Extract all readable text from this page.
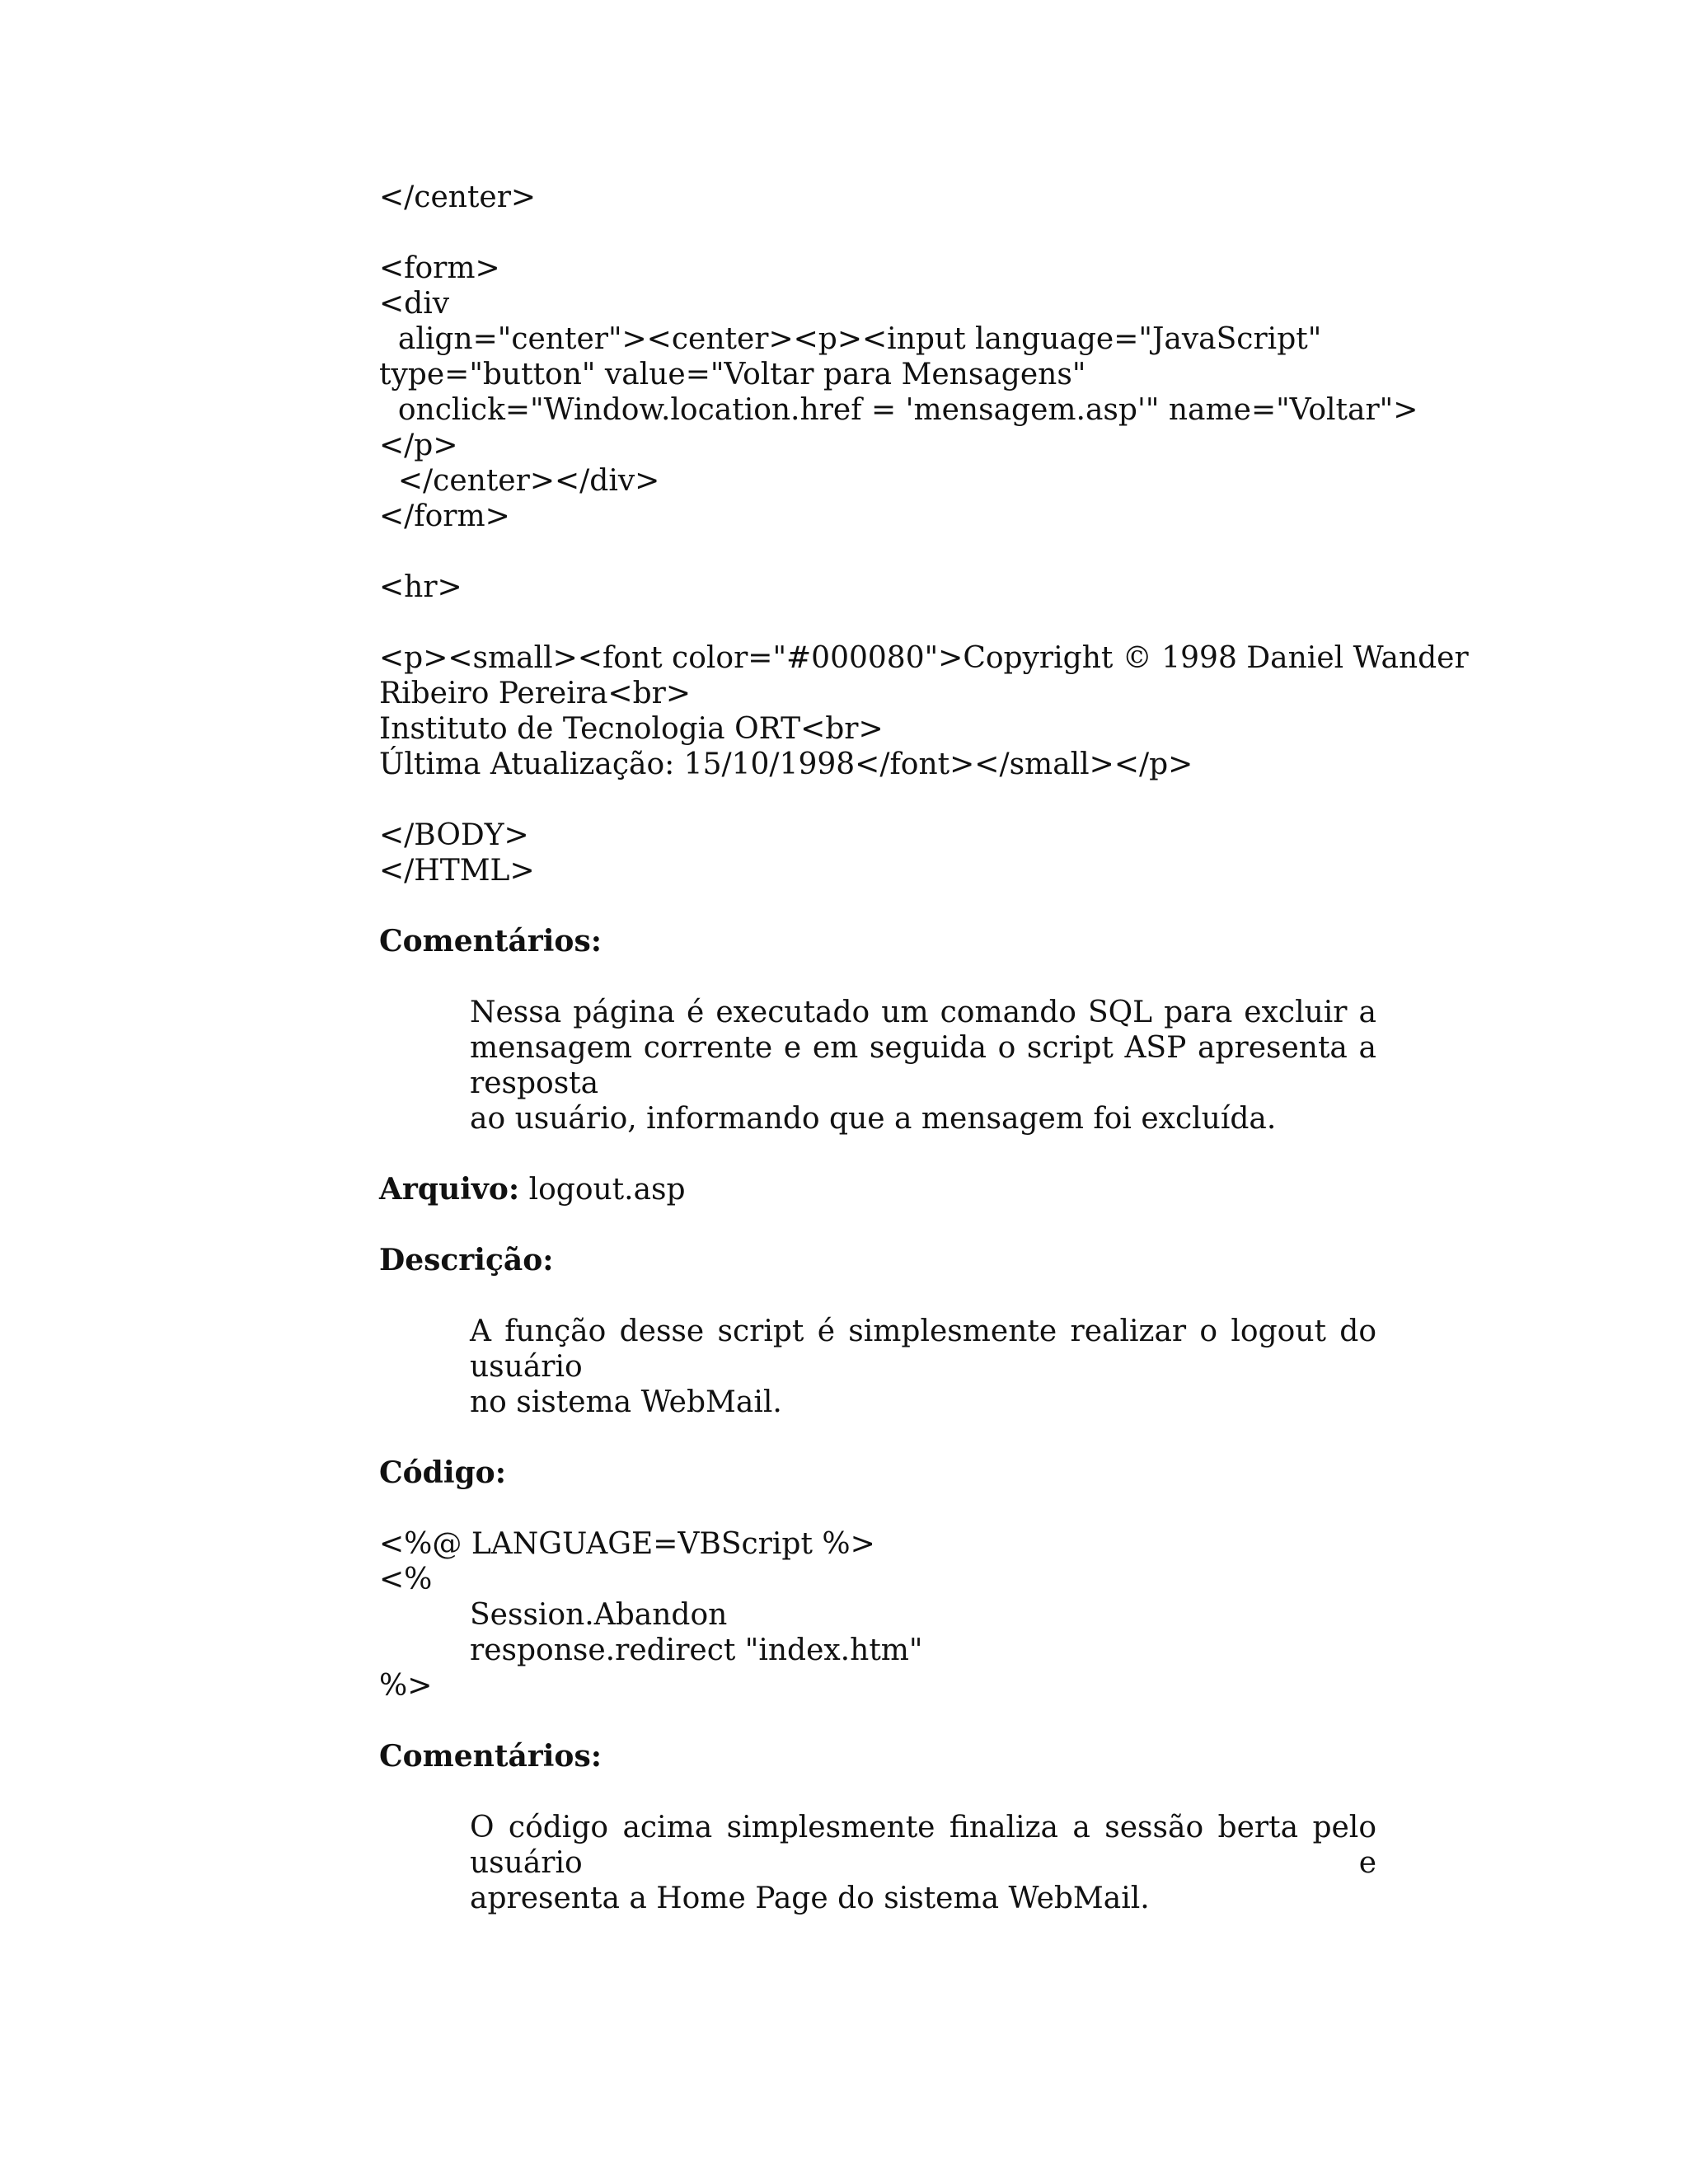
</center>
<form>
<div
align="center"><center><p><input language="JavaScript"
type="button" value="Voltar para Mensagens"
onclick="Window.location.href = 'mensagem.asp'" name="Voltar">
</p>
</center></div>
</form>
<hr>
<p><small><font color="#000080">Copyright © 1998 Daniel Wander
Ribeiro Pereira<br>
Instituto de Tecnologia ORT<br>
Última Atualização: 15/10/1998</font></small></p>
</BODY>
</HTML>
Comentários:
Nessa página é executado um comando SQL para excluir a
mensagem corrente e em seguida o script ASP apresenta a resposta
ao usuário, informando que a mensagem foi excluída.
Arquivo: logout.asp
Descrição:
A função desse script é simplesmente realizar o logout do usuário
no sistema WebMail.
Código:
<%@ LANGUAGE=VBScript %>
<%
Session.Abandon
response.redirect "index.htm"
%>
Comentários:
O código acima simplesmente finaliza a sessão berta pelo usuário e
apresenta a Home Page do sistema WebMail.
